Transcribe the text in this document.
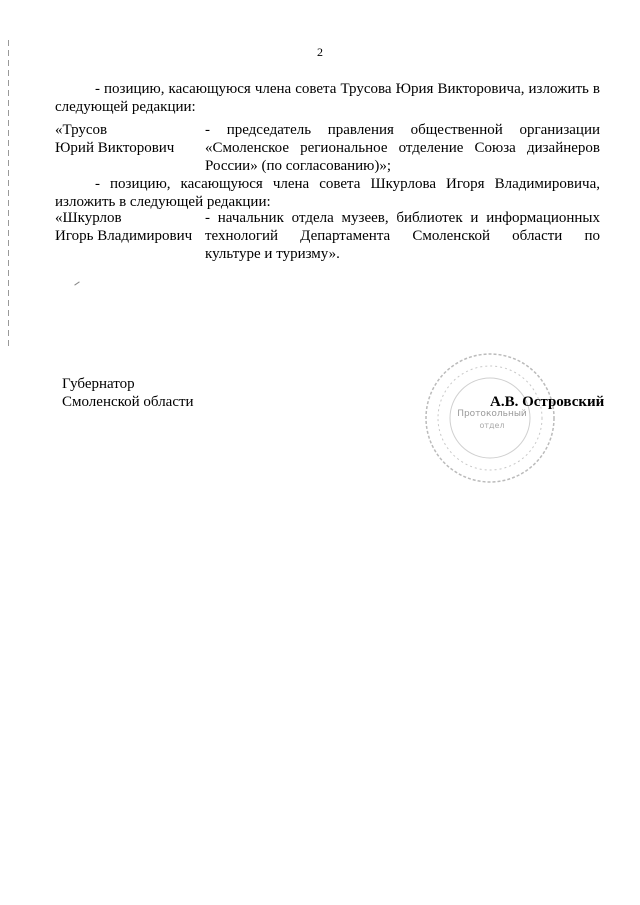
2
- позицию, касающуюся члена совета Трусова Юрия Викторовича, изложить в
следующей редакции:
«Трусов
Юрий Викторович
- председатель правления общественной организации
«Смоленское региональное отделение Союза дизайнеров
России» (по согласованию)»;
- позицию, касающуюся члена совета Шкурлова Игоря Владимировича,
изложить в следующей редакции:
«Шкурлов
Игорь Владимирович
- начальник отдела музеев, библиотек и информационных
технологий Департамента Смоленской области по
культуре и туризму».
Губернатор
Смоленской области
Протокольный
отдел
А.В. Островский
